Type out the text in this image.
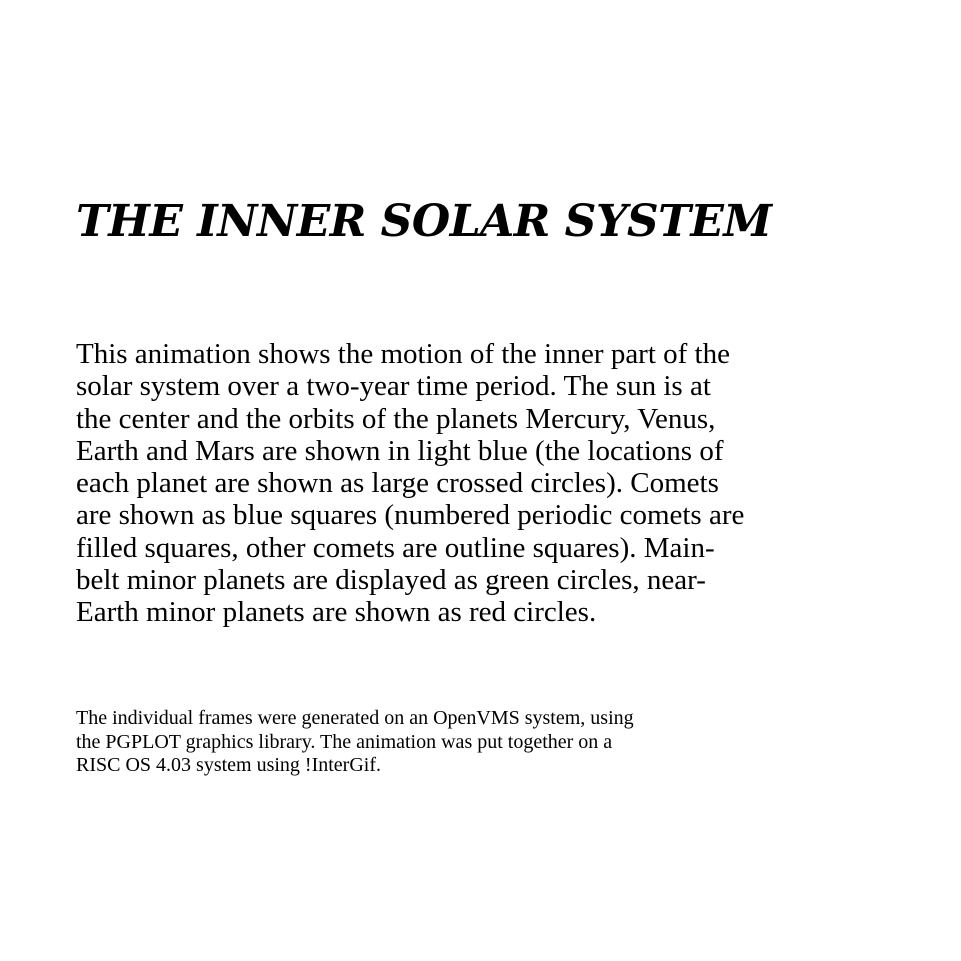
THE INNER SOLAR SYSTEM

This animation shows the motion of the inner part of the
solar system over a two-year time period. The sun is at
the center and the orbits of the planets Mercury, Venus,
Earth and Mars are shown in light blue (the locations of
each planet are shown as large crossed circles). Comets
are shown as blue squares (numbered periodic comets are
filled squares, other comets are outline squares). Main-
belt minor planets are displayed as green circles, near-
Earth minor planets are shown as red circles.

The individual frames were generated on an OpenVMS system, using
the PGPLOT graphics library. The animation was put together on a
RISC OS 4.03 system using !InterGif.
